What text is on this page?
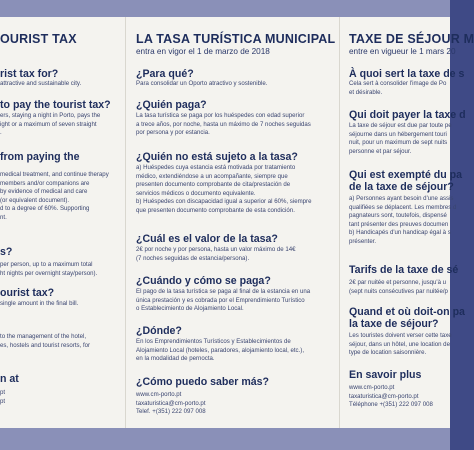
OURIST TAX
rist tax for?
attractive and sustainable city.
to pay the tourist tax?
ers, staying a night in Porto, pays the
ight or a maximum of seven straight
.
from paying the
medical treatment, and continue therapy
members and/or companions are
by evidence of medical and care
(or equivalent document).
d to a degree of 60%. Supporting
nt.
s?
per person, up to a maximum total
ht nights per overnight stay/person).
ourist tax?
single amount in the final bill.
to the management of the hotel,
es, hostels and tourist resorts, for
n at
pt
pt
LA TASA TURÍSTICA MUNICIPAL
entra en vigor el 1 de marzo de 2018
¿Para qué?
Para consolidar un Oporto atractivo y sostenible.
¿Quién paga?
La tasa turística se paga por los huéspedes con edad superior
a trece años, por noche, hasta un máximo de 7 noches seguidas
por persona y por estancia.
¿Quién no está sujeto a la tasa?
a) Huéspedes cuya estancia está motivada por tratamiento
médico, extendiéndose a un acompañante, siempre que
presenten documento comprobante de cita/prestación de
servicios médicos o documento equivalente.
b) Huéspedes con discapacidad igual a superior al 60%, siempre
que presenten documento comprobante de esta condición.
¿Cuál es el valor de la tasa?
2€ por noche y por persona, hasta un valor máximo de 14€
(7 noches seguidas de estancia/persona).
¿Cuándo y cómo se paga?
El pago de la tasa turística se paga al final de la estancia en una
única prestación y es cobrada por el Emprendimiento Turístico
o Establecimiento de Alojamiento Local.
¿Dónde?
En los Emprendimientos Turísticos y Establecimientos de
Alojamiento Local (hoteles, paradores, alojamiento local, etc.),
en la modalidad de pernocta.
¿Cómo puedo saber más?
www.cm-porto.pt
taxaturistica@cm-porto.pt
Telef. +(351) 222 097 008
TAXE DE SÉJOUR M
entre en vigueur le 1 mars 20
À quoi sert la taxe de s
Cela sert à consolider l'image de Po
et désirable.
Qui doit payer la taxe d
La taxe de séjour est due par toute pe
séjourne dans un hébergement touri
nuit, pour un maximum de sept nuits
personne et par séjour.
Qui est exempté du pa
de la taxe de séjour?
a) Personnes ayant besoin d'une assis
qualifiées se déplacent. Les membres d
pagnateurs sont, toutefois, dispensé
tant présenter des preuves documen
b) Handicapés d'un handicap égal à s
présenter.
Tarifs de la taxe de sé
2€ par nuitée et personne, jusqu'à u
(sept nuits consécutives par nuitée/p
Quand et où doit-on pa
la taxe de séjour?
Les touristes doivent verser cette taxe
séjour, dans un hôtel, une location de
type de location saisonnière.
En savoir plus
www.cm-porto.pt
taxaturistica@cm-porto.pt
Téléphone +(351) 222 097 008
